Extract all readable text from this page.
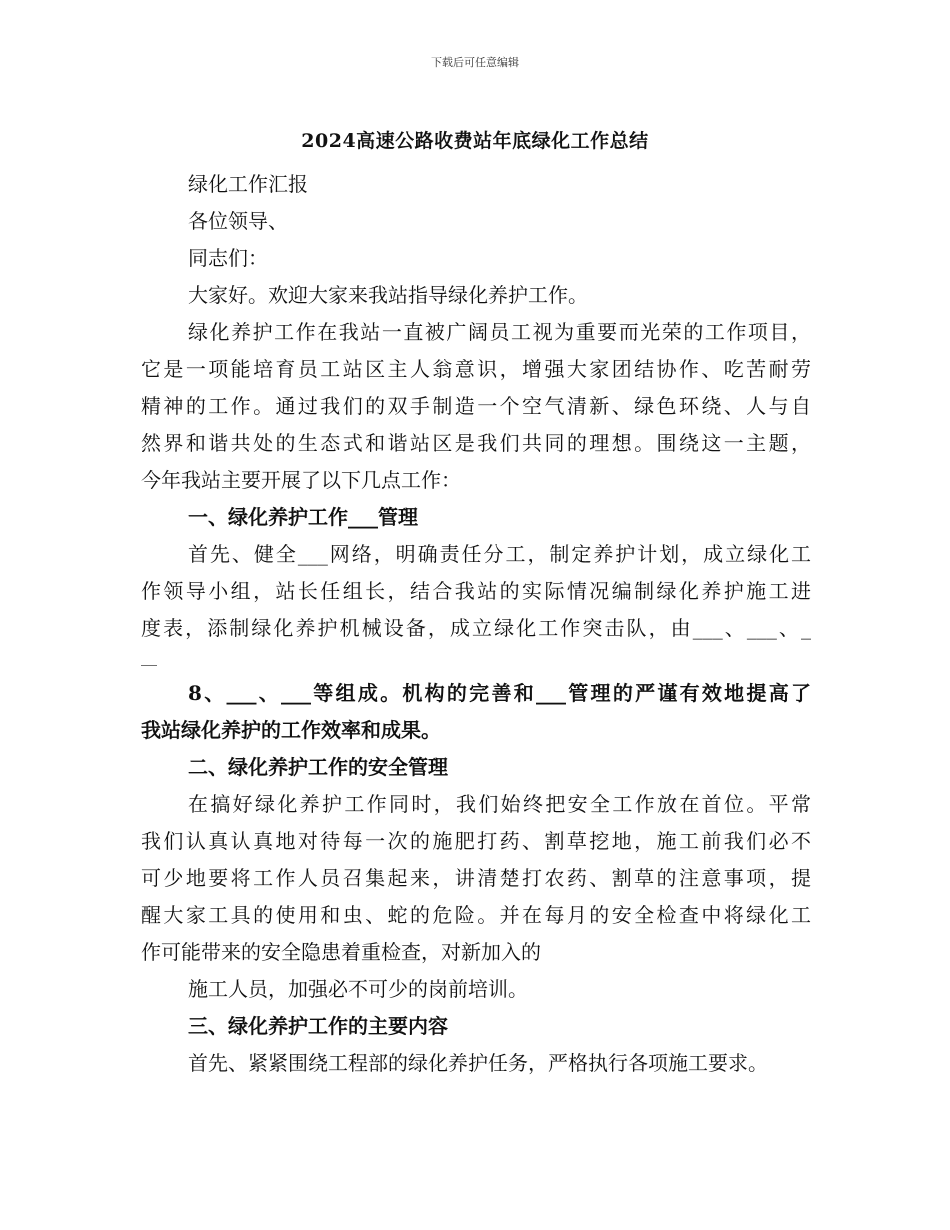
下载后可任意编辑
2024高速公路收费站年底绿化工作总结
绿化工作汇报
各位领导、
同志们：
大家好。欢迎大家来我站指导绿化养护工作。
绿化养护工作在我站一直被广阔员工视为重要而光荣的工作项目，
它是一项能培育员工站区主人翁意识，增强大家团结协作、吃苦耐劳
精神的工作。通过我们的双手制造一个空气清新、绿色环绕、人与自
然界和谐共处的生态式和谐站区是我们共同的理想。围绕这一主题，
今年我站主要开展了以下几点工作：
一、绿化养护工作___管理
首先、健全___网络，明确责任分工，制定养护计划，成立绿化工
作领导小组，站长任组长，结合我站的实际情况编制绿化养护施工进
度表，添制绿化养护机械设备，成立绿化工作突击队，由___、___、_
__
8、___、___等组成。机构的完善和___管理的严谨有效地提高了
我站绿化养护的工作效率和成果。
二、绿化养护工作的安全管理
在搞好绿化养护工作同时，我们始终把安全工作放在首位。平常
我们认真认真地对待每一次的施肥打药、割草挖地，施工前我们必不
可少地要将工作人员召集起来，讲清楚打农药、割草的注意事项，提
醒大家工具的使用和虫、蛇的危险。并在每月的安全检查中将绿化工
作可能带来的安全隐患着重检查，对新加入的
施工人员，加强必不可少的岗前培训。
三、绿化养护工作的主要内容
首先、紧紧围绕工程部的绿化养护任务，严格执行各项施工要求。
